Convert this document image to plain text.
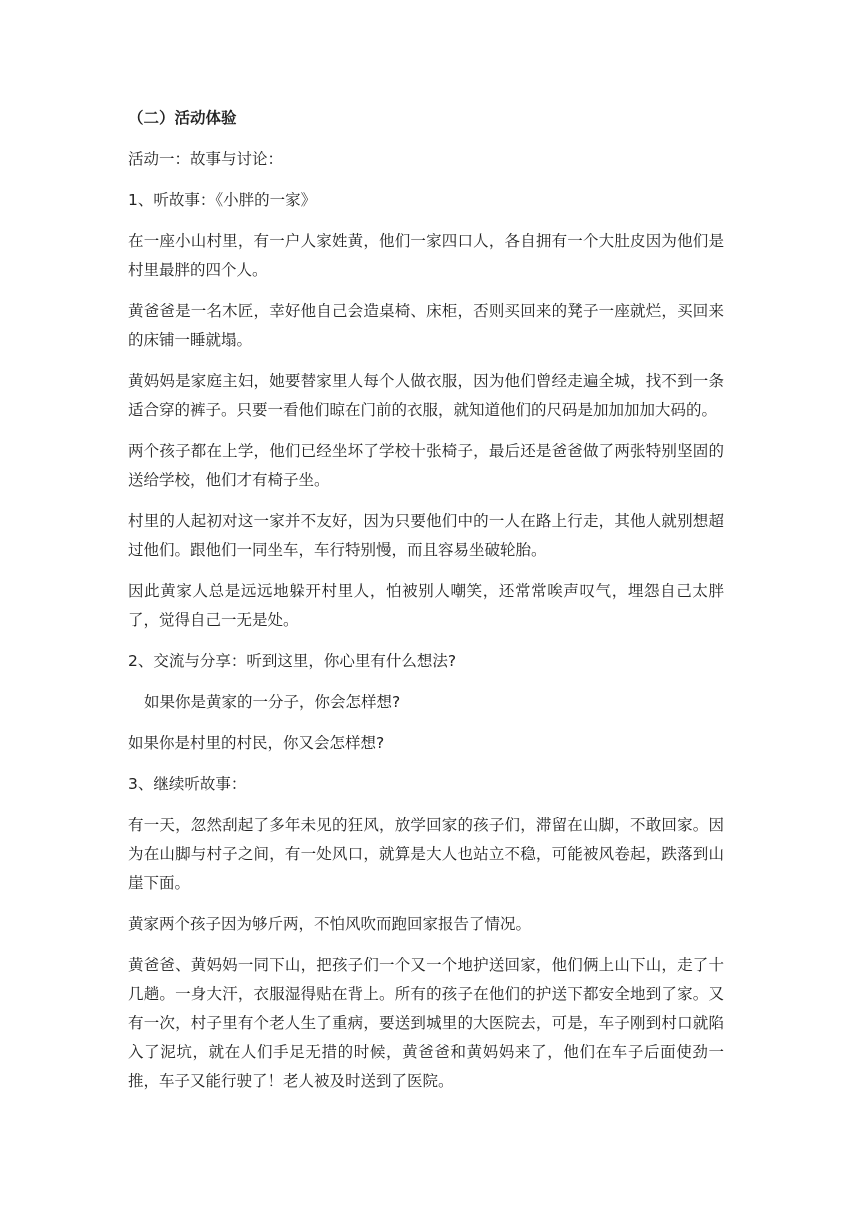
（二）活动体验

活动一：故事与讨论：

1、听故事：《小胖的一家》

在一座小山村里，有一户人家姓黄，他们一家四口人，各自拥有一个大肚皮因为他们是村里最胖的四个人。

黄爸爸是一名木匠，幸好他自己会造桌椅、床柜，否则买回来的凳子一座就烂，买回来的床铺一睡就塌。

黄妈妈是家庭主妇，她要替家里人每个人做衣服，因为他们曾经走遍全城，找不到一条适合穿的裤子。只要一看他们晾在门前的衣服，就知道他们的尺码是加加加加大码的。

两个孩子都在上学，他们已经坐坏了学校十张椅子，最后还是爸爸做了两张特别坚固的送给学校，他们才有椅子坐。

村里的人起初对这一家并不友好，因为只要他们中的一人在路上行走，其他人就别想超过他们。跟他们一同坐车，车行特别慢，而且容易坐破轮胎。

因此黄家人总是远远地躲开村里人，怕被别人嘲笑，还常常唉声叹气，埋怨自己太胖了，觉得自己一无是处。

2、交流与分享：听到这里，你心里有什么想法?

如果你是黄家的一分子，你会怎样想?

如果你是村里的村民，你又会怎样想?

3、继续听故事：

有一天，忽然刮起了多年未见的狂风，放学回家的孩子们，滞留在山脚，不敢回家。因为在山脚与村子之间，有一处风口，就算是大人也站立不稳，可能被风卷起，跌落到山崖下面。

黄家两个孩子因为够斤两，不怕风吹而跑回家报告了情况。

黄爸爸、黄妈妈一同下山，把孩子们一个又一个地护送回家，他们俩上山下山，走了十几趟。一身大汗，衣服湿得贴在背上。所有的孩子在他们的护送下都安全地到了家。又有一次，村子里有个老人生了重病，要送到城里的大医院去，可是，车子刚到村口就陷入了泥坑，就在人们手足无措的时候，黄爸爸和黄妈妈来了，他们在车子后面使劲一推，车子又能行驶了！老人被及时送到了医院。
